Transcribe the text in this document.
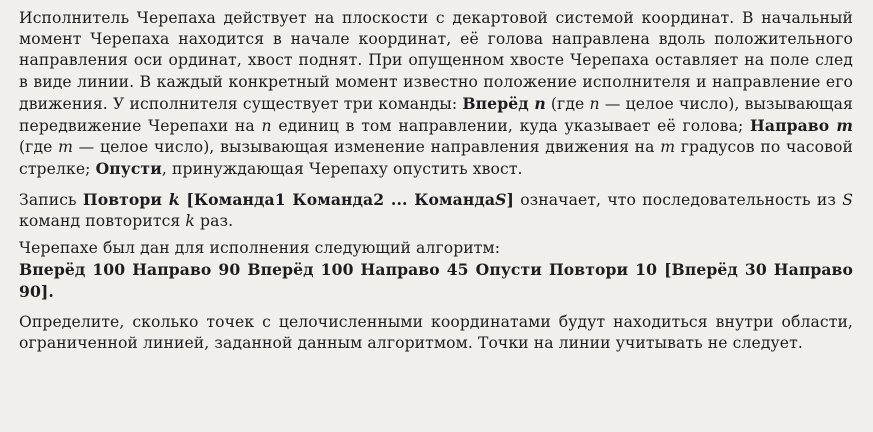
Исполнитель Черепаха действует на плоскости с декартовой системой координат. В начальный момент Черепаха находится в начале координат, её голова направлена вдоль положительного направления оси ординат, хвост поднят. При опущенном хвосте Черепаха оставляет на поле след в виде линии. В каждый конкретный момент известно положение исполнителя и направление его движения. У исполнителя существует три команды: Вперёд n (где n — целое число), вызывающая передвижение Черепахи на n единиц в том направлении, куда указывает её голова; Направо m (где m — целое число), вызывающая изменение направления движения на m градусов по часовой стрелке; Опусти, принуждающая Черепаху опустить хвост.

Запись Повтори k [Команда1 Команда2 ... КомандаS] означает, что последовательность из S команд повторится k раз.

Черепахе был дан для исполнения следующий алгоритм:

Вперёд 100 Направо 90 Вперёд 100 Направо 45 Опусти Повтори 10 [Вперёд 30 Направо 90].

Определите, сколько точек с целочисленными координатами будут находиться внутри области, ограниченной линией, заданной данным алгоритмом. Точки на линии учитывать не следует.
